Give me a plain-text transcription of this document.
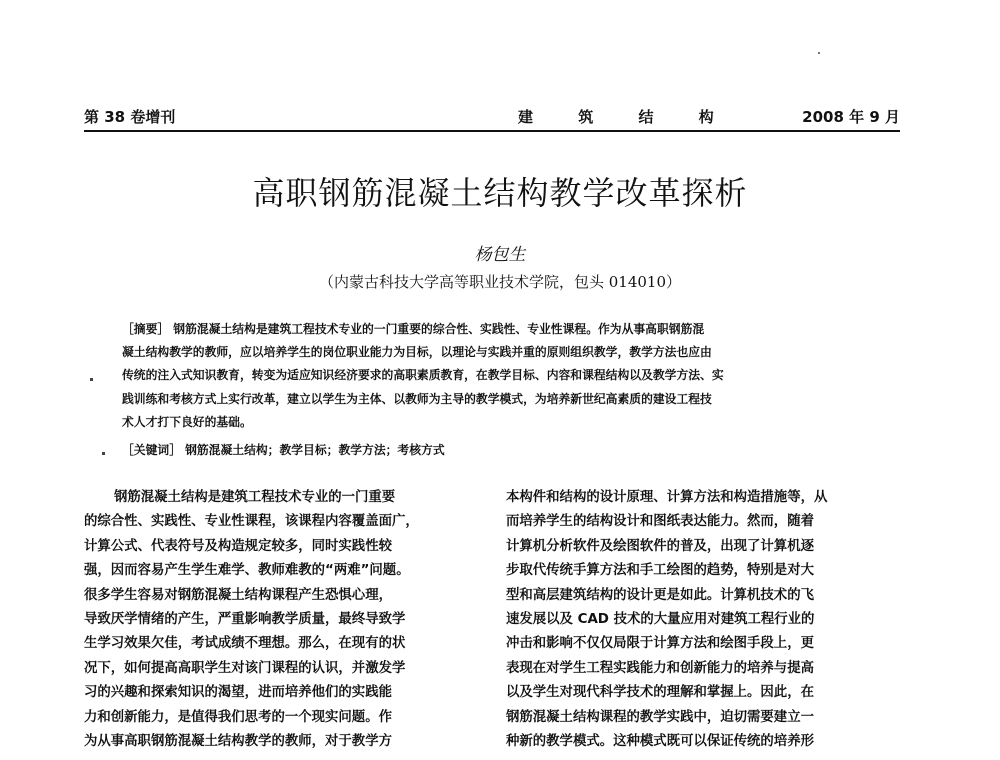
第 38 卷增刊	建 筑 结 构	2008 年 9 月
高职钢筋混凝土结构教学改革探析
杨包生
（内蒙古科技大学高等职业技术学院，包头 014010）
［摘要］ 钢筋混凝土结构是建筑工程技术专业的一门重要的综合性、实践性、专业性课程。作为从事高职钢筋混
凝土结构教学的教师，应以培养学生的岗位职业能力为目标，以理论与实践并重的原则组织教学，教学方法也应由
传统的注入式知识教育，转变为适应知识经济要求的高职素质教育，在教学目标、内容和课程结构以及教学方法、实
践训练和考核方式上实行改革，建立以学生为主体、以教师为主导的教学模式，为培养新世纪高素质的建设工程技
术人才打下良好的基础。
［关键词］ 钢筋混凝土结构；教学目标；教学方法；考核方式
钢筋混凝土结构是建筑工程技术专业的一门重要
的综合性、实践性、专业性课程，该课程内容覆盖面广，
计算公式、代表符号及构造规定较多，同时实践性较
强，因而容易产生学生难学、教师难教的“两难”问题。
很多学生容易对钢筋混凝土结构课程产生恐惧心理，
导致厌学情绪的产生，严重影响教学质量，最终导致学
生学习效果欠佳，考试成绩不理想。那么，在现有的状
况下，如何提高高职学生对该门课程的认识，并激发学
习的兴趣和探索知识的渴望，进而培养他们的实践能
力和创新能力，是值得我们思考的一个现实问题。作
为从事高职钢筋混凝土结构教学的教师，对于教学方
本构件和结构的设计原理、计算方法和构造措施等，从
而培养学生的结构设计和图纸表达能力。然而，随着
计算机分析软件及绘图软件的普及，出现了计算机逐
步取代传统手算方法和手工绘图的趋势，特别是对大
型和高层建筑结构的设计更是如此。计算机技术的飞
速发展以及 CAD 技术的大量应用对建筑工程行业的
冲击和影响不仅仅局限于计算方法和绘图手段上，更
表现在对学生工程实践能力和创新能力的培养与提高
以及学生对现代科学技术的理解和掌握上。因此，在
钢筋混凝土结构课程的教学实践中，迫切需要建立一
种新的教学模式。这种模式既可以保证传统的培养形
